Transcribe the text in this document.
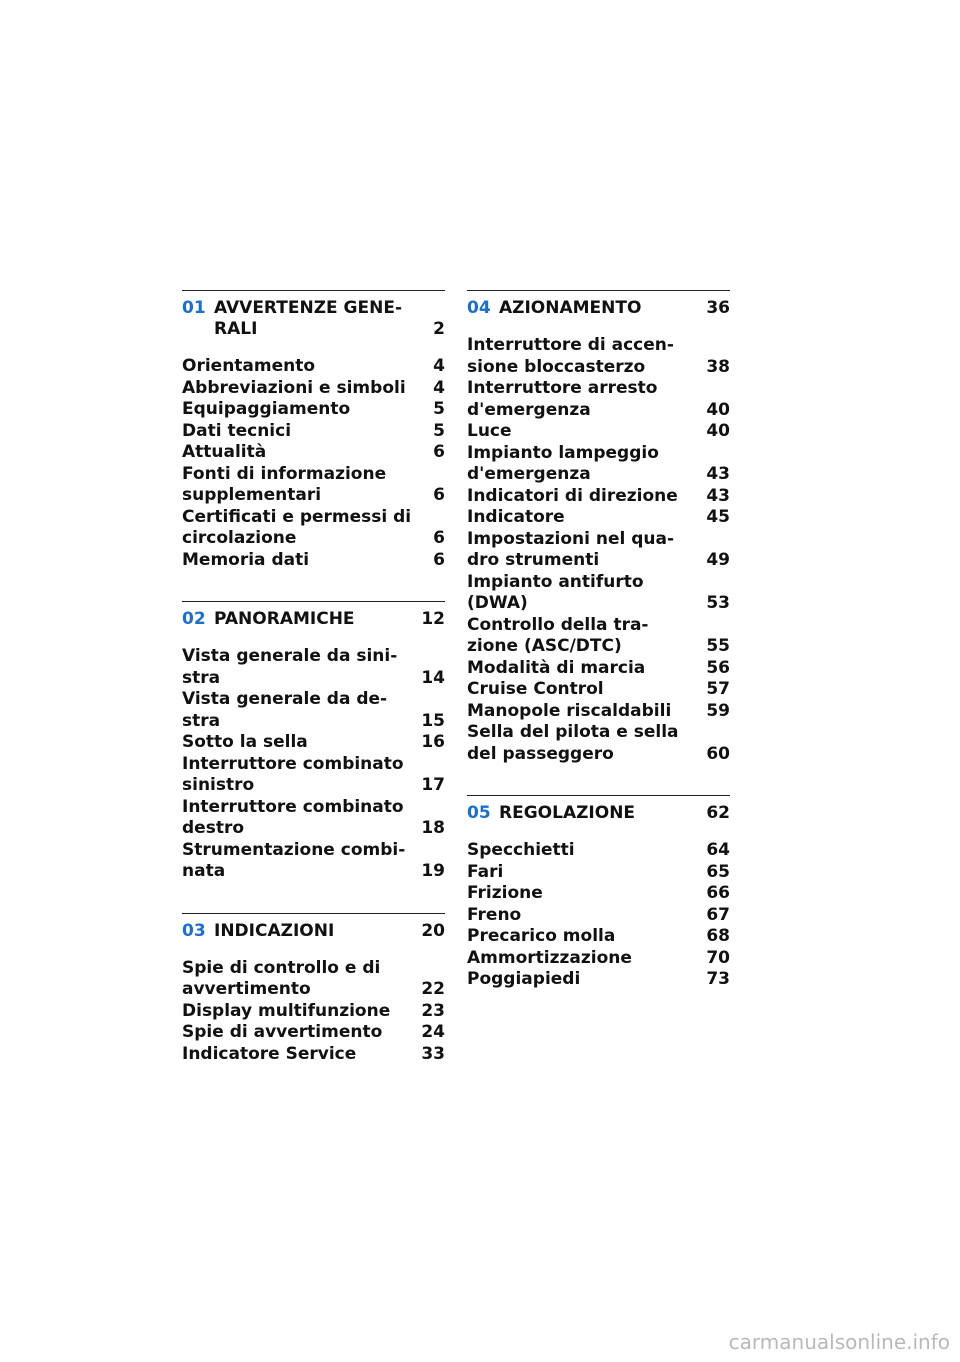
01 AVVERTENZE GENE-
RALI	2
Orientamento	4
Abbreviazioni e simboli	4
Equipaggiamento	5
Dati tecnici	5
Attualità	6
Fonti di informazione
supplementari	6
Certificati e permessi di
circolazione	6
Memoria dati	6
02 PANORAMICHE	12
Vista generale da sini-
stra	14
Vista generale da de-
stra	15
Sotto la sella	16
Interruttore combinato
sinistro	17
Interruttore combinato
destro	18
Strumentazione combi-
nata	19
03 INDICAZIONI	20
Spie di controllo e di
avvertimento	22
Display multifunzione 23
Spie di avvertimento 24
Indicatore Service	33
04 AZIONAMENTO	36
Interruttore di accen-
sione bloccasterzo	38
Interruttore arresto
d'emergenza	40
Luce	40
Impianto lampeggio
d'emergenza	43
Indicatori di direzione 43
Indicatore	45
Impostazioni nel qua-
dro strumenti	49
Impianto antifurto
(DWA)	53
Controllo della tra-
zione (ASC/DTC)	55
Modalità di marcia	56
Cruise Control	57
Manopole riscaldabili 59
Sella del pilota e sella
del passeggero	60
05 REGOLAZIONE	62
Specchietti	64
Fari	65
Frizione	66
Freno	67
Precarico molla	68
Ammortizzazione	70
Poggiapiedi	73
carmanualsonline.info
